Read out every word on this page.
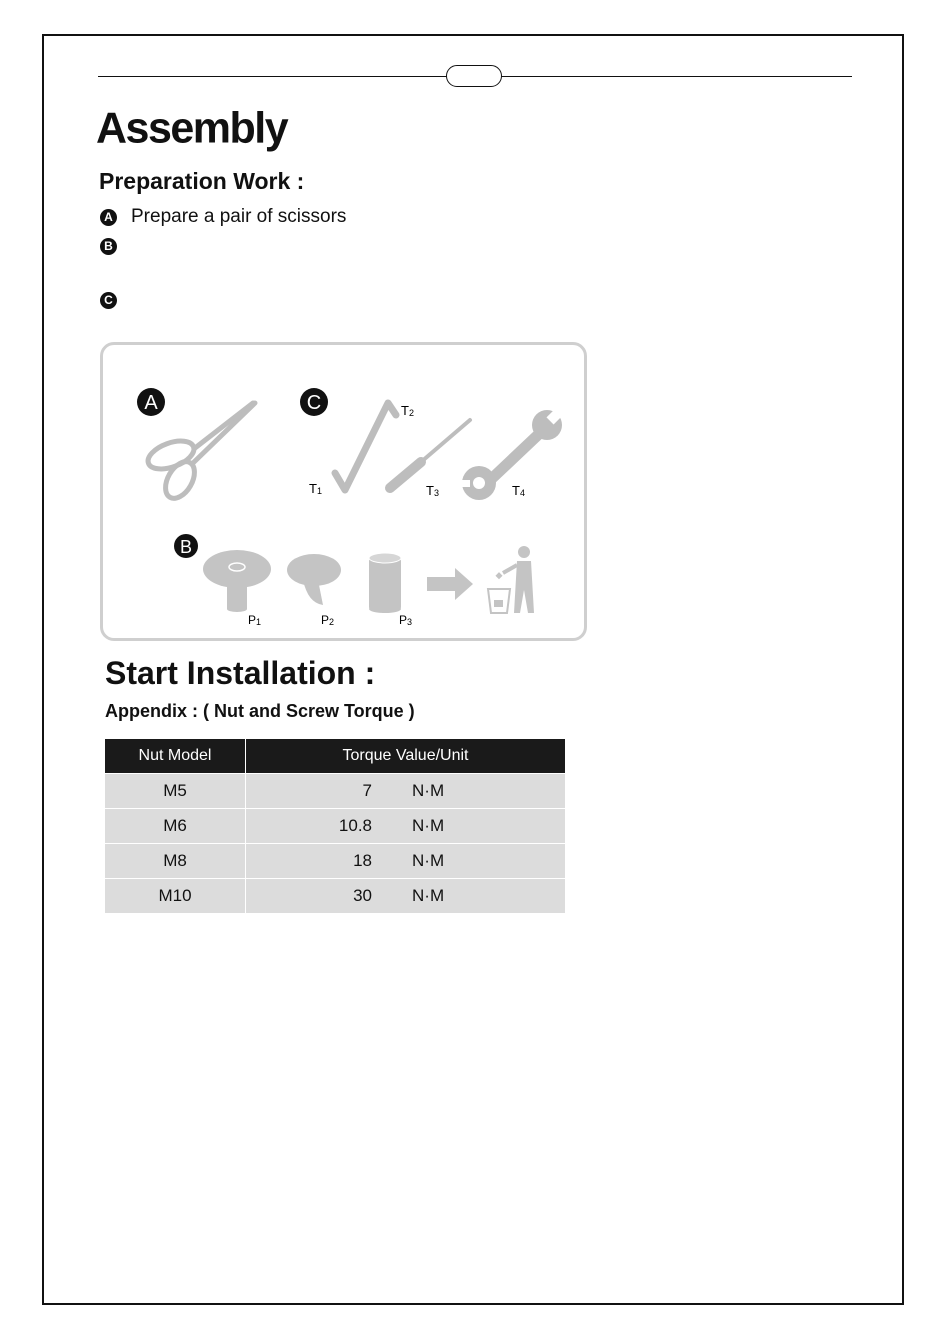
Assembly
Preparation Work :
A Prepare a pair of scissors
B
C
A	C	T2
T1	T3	T4
B
P1	P2	P3
Start Installation :
Appendix : ( Nut and Screw Torque )
Nut Model	Torque Value/Unit
M5	7 N·M
M6	10.8 N·M
M8	18 N·M
M10	30 N·M
